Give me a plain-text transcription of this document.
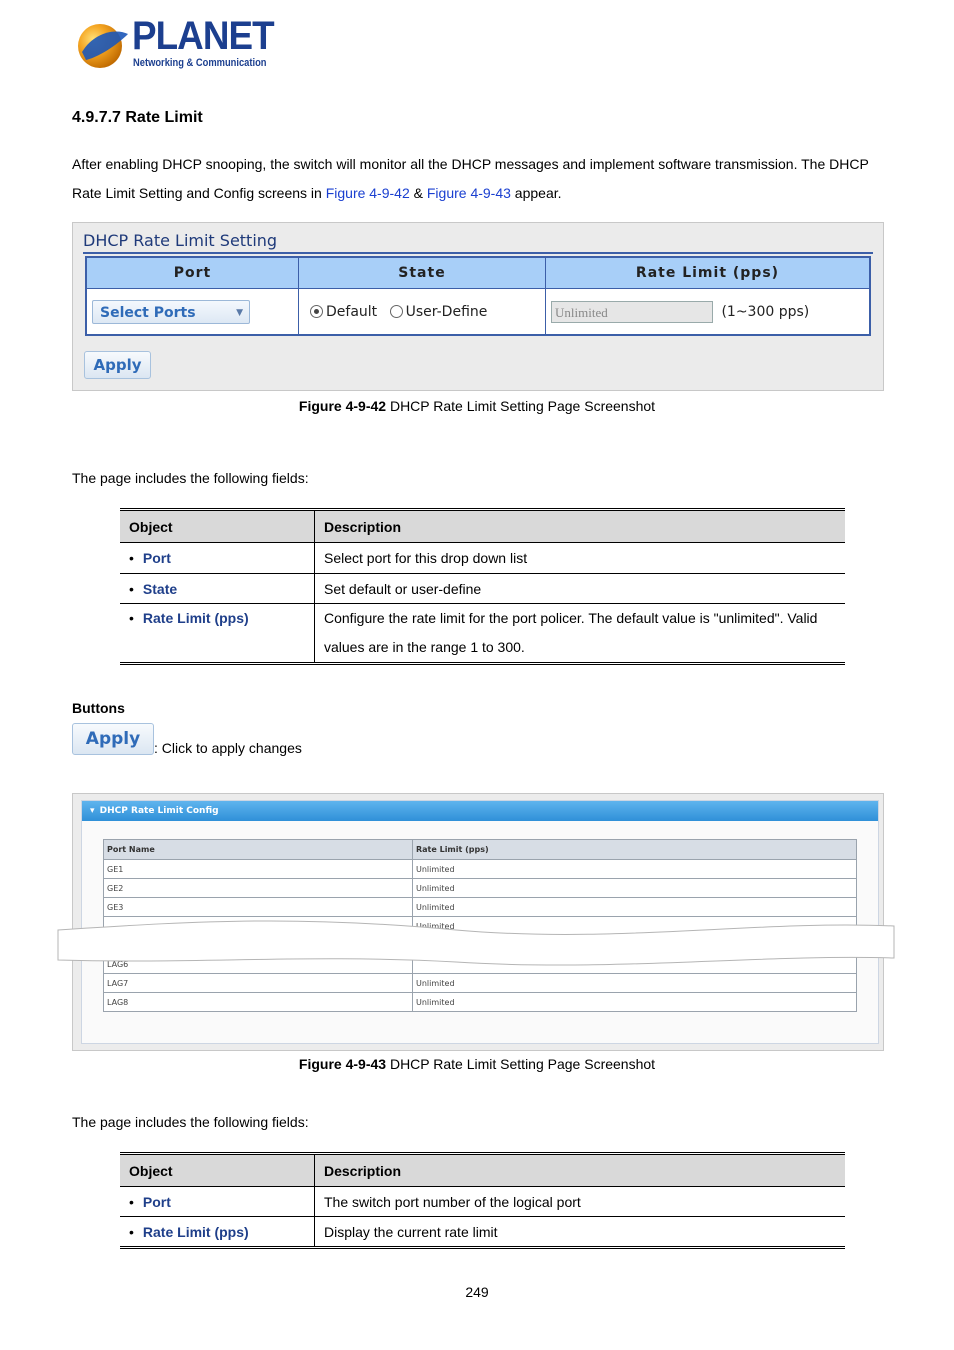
PLANET
Networking & Communication
4.9.7.7 Rate Limit
After enabling DHCP snooping, the switch will monitor all the DHCP messages and implement software transmission. The DHCP Rate Limit Setting and Config screens in Figure 4-9-42 & Figure 4-9-43 appear.
DHCP Rate Limit Setting
Port	State	Rate Limit (pps)
Select Ports ▼	Default User-Define	Unlimited (1~300 pps)
Apply
Figure 4-9-42 DHCP Rate Limit Setting Page Screenshot
The page includes the following fields:
Object	Description
• Port	Select port for this drop down list
• State	Set default or user-define
• Rate Limit (pps)	Configure the rate limit for the port policer. The default value is "unlimited". Valid values are in the range 1 to 300.
Buttons
Apply : Click to apply changes
▾ DHCP Rate Limit Config
Port Name	Rate Limit (pps)
GE1	Unlimited
GE2	Unlimited
GE3	Unlimited
	Unlimited

LAG6	
LAG7	Unlimited
LAG8	Unlimited
Figure 4-9-43 DHCP Rate Limit Setting Page Screenshot
The page includes the following fields:
Object	Description
• Port	The switch port number of the logical port
• Rate Limit (pps)	Display the current rate limit
249
